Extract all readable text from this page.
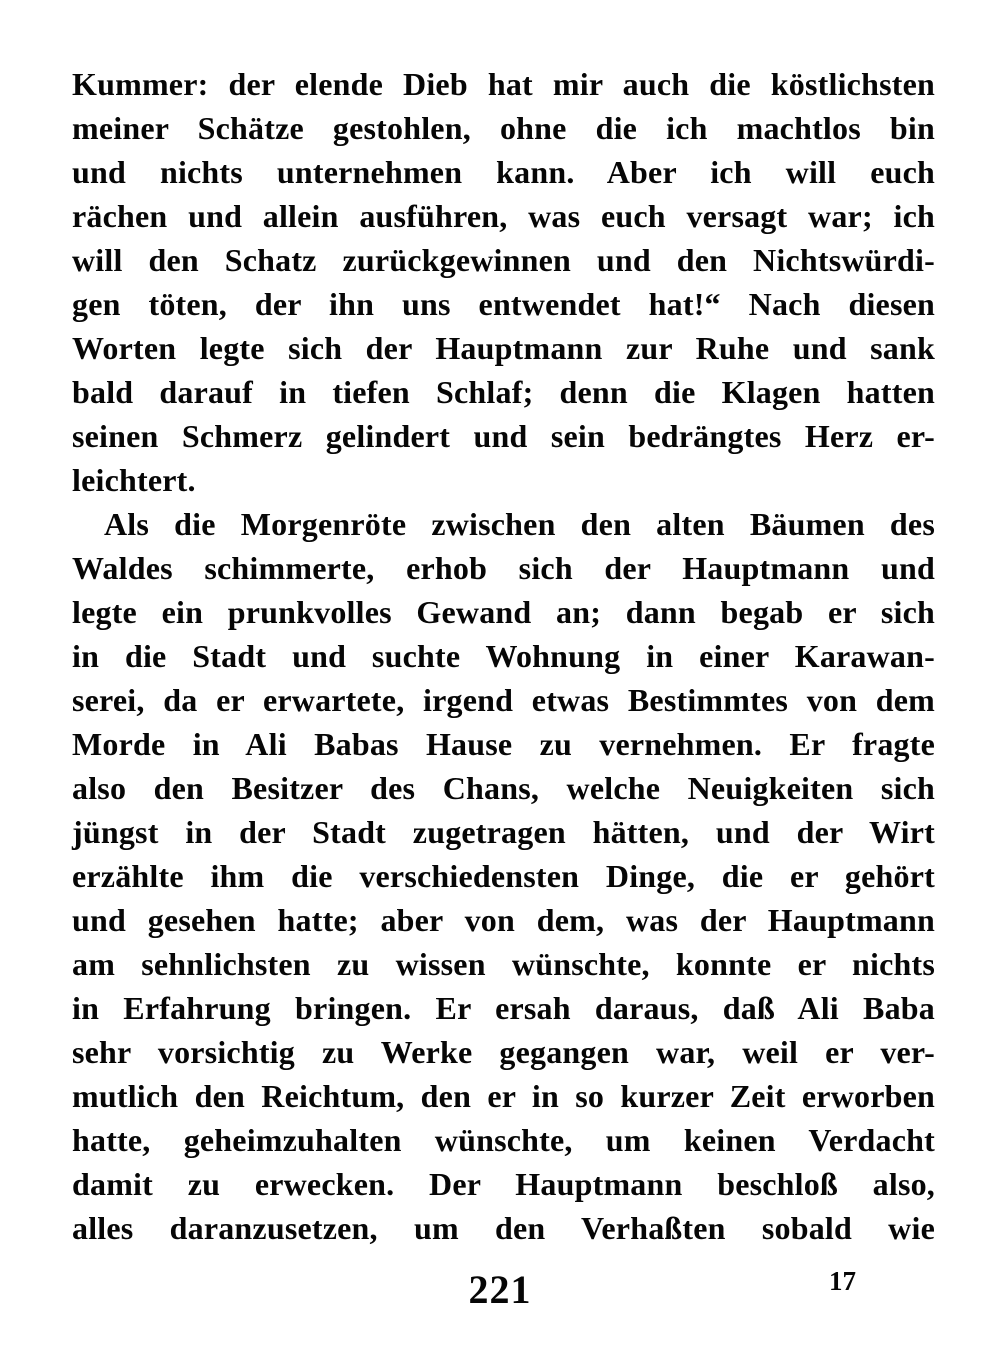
Kummer: der elende Dieb hat mir auch die köstlichsten
meiner Schätze gestohlen, ohne die ich machtlos bin
und nichts unternehmen kann. Aber ich will euch
rächen und allein ausführen, was euch versagt war; ich
will den Schatz zurückgewinnen und den Nichtswürdi-
gen töten, der ihn uns entwendet hat!“ Nach diesen
Worten legte sich der Hauptmann zur Ruhe und sank
bald darauf in tiefen Schlaf; denn die Klagen hatten
seinen Schmerz gelindert und sein bedrängtes Herz er-
leichtert.
Als die Morgenröte zwischen den alten Bäumen des
Waldes schimmerte, erhob sich der Hauptmann und
legte ein prunkvolles Gewand an; dann begab er sich
in die Stadt und suchte Wohnung in einer Karawan-
serei, da er erwartete, irgend etwas Bestimmtes von dem
Morde in Ali Babas Hause zu vernehmen. Er fragte
also den Besitzer des Chans, welche Neuigkeiten sich
jüngst in der Stadt zugetragen hätten, und der Wirt
erzählte ihm die verschiedensten Dinge, die er gehört
und gesehen hatte; aber von dem, was der Hauptmann
am sehnlichsten zu wissen wünschte, konnte er nichts
in Erfahrung bringen. Er ersah daraus, daß Ali Baba
sehr vorsichtig zu Werke gegangen war, weil er ver-
mutlich den Reichtum, den er in so kurzer Zeit erworben
hatte, geheimzuhalten wünschte, um keinen Verdacht
damit zu erwecken. Der Hauptmann beschloß also,
alles daranzusetzen, um den Verhaßten sobald wie
221	17
